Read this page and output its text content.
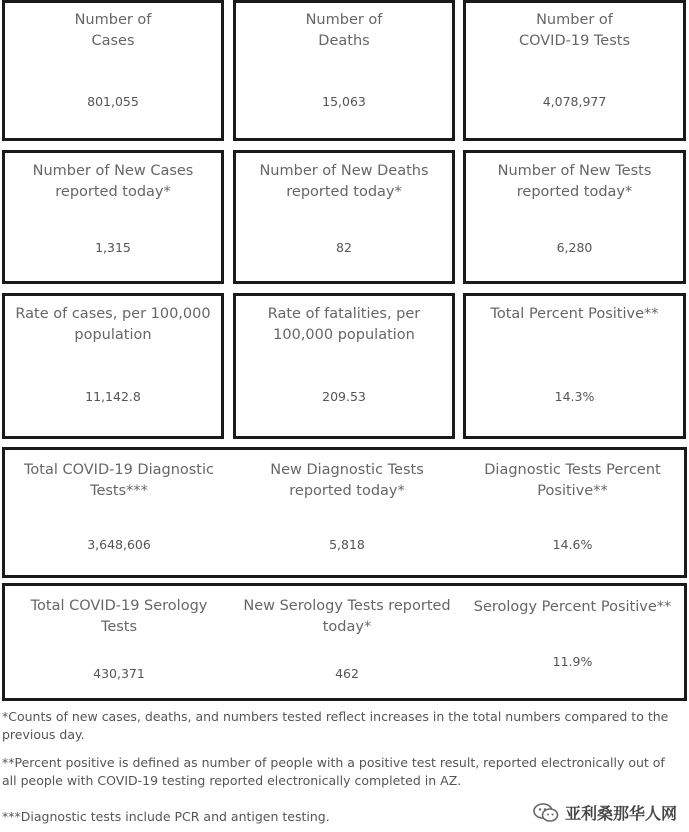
Number of
Cases
801,055
Number of
Deaths
15,063
Number of
COVID-19 Tests
4,078,977
Number of New Cases
reported today*
1,315
Number of New Deaths
reported today*
82
Number of New Tests
reported today*
6,280
Rate of cases, per 100,000
population
11,142.8
Rate of fatalities, per
100,000 population
209.53
Total Percent Positive**
14.3%
Total COVID-19 Diagnostic
Tests***
3,648,606
New Diagnostic Tests
reported today*
5,818
Diagnostic Tests Percent
Positive**
14.6%
Total COVID-19 Serology
Tests
430,371
New Serology Tests reported
today*
462
Serology Percent Positive**
11.9%
*Counts of new cases, deaths, and numbers tested reflect increases in the total numbers compared to the previous day.
**Percent positive is defined as number of people with a positive test result, reported electronically out of all people with COVID-19 testing reported electronically completed in AZ.
***Diagnostic tests include PCR and antigen testing.	亚利桑那华人网
